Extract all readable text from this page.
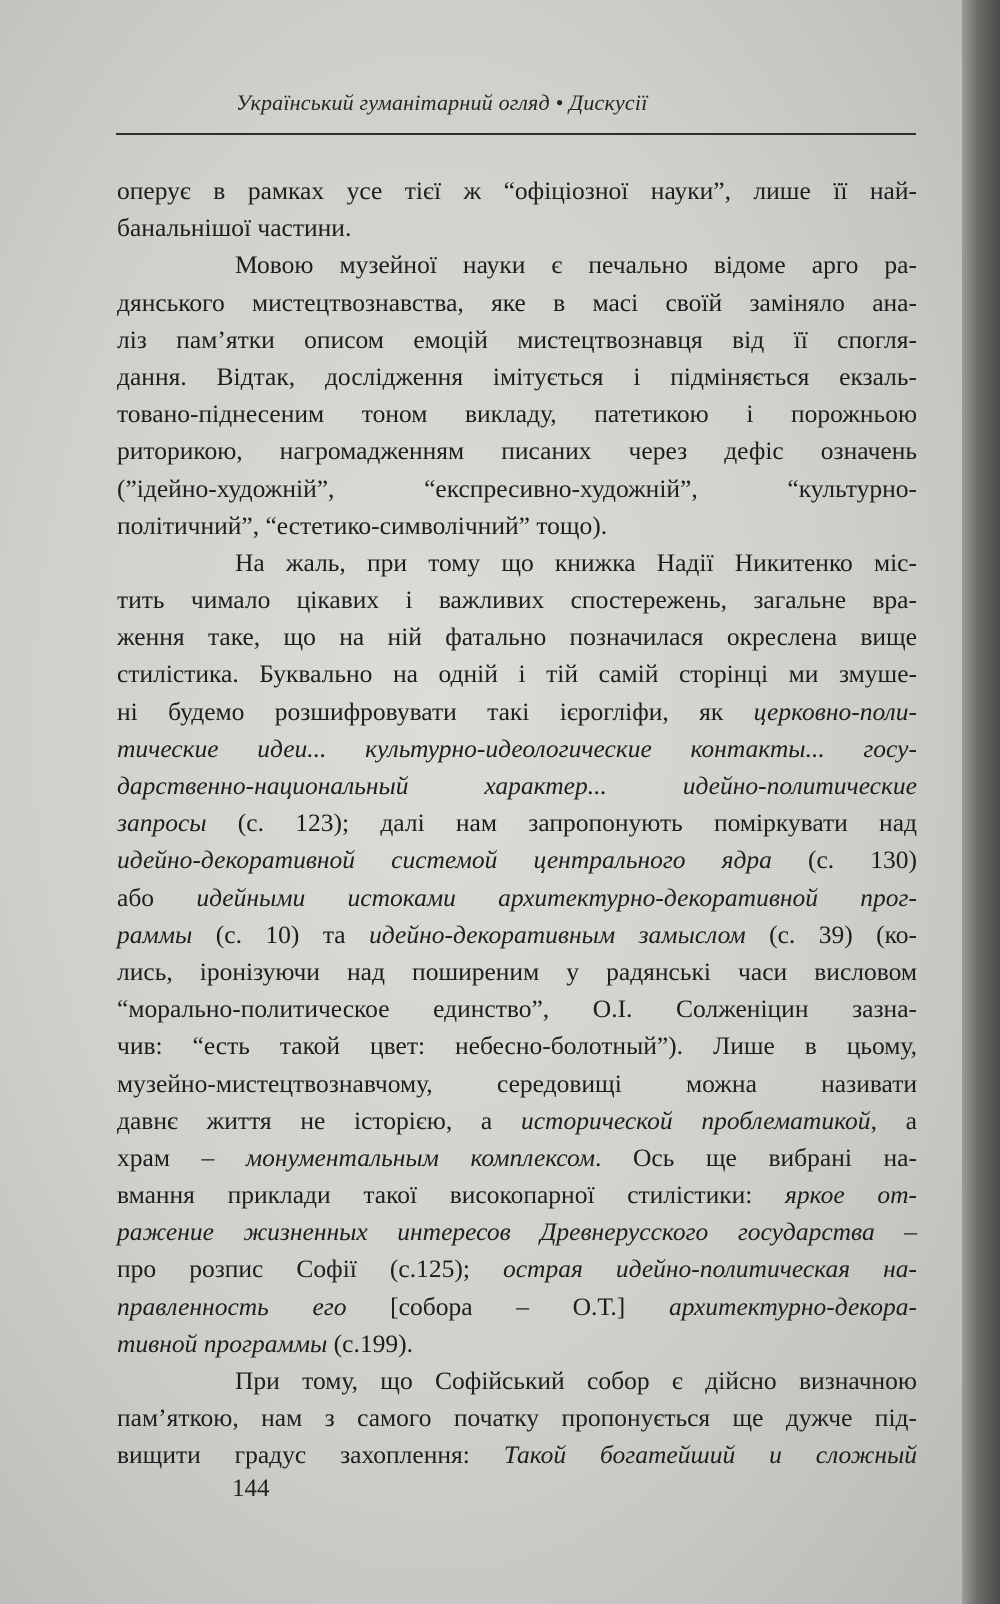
Український гуманітарний огляд • Дискусії
оперує в рамках усе тієї ж “офіціозної науки”, лише її най-
банальнішої частини.
Мовою музейної науки є печально відоме арго ра-
дянського мистецтвознавства, яке в масі своїй заміняло ана-
ліз пам’ятки описом емоцій мистецтвознавця від її спогля-
дання. Відтак, дослідження імітується і підміняється екзаль-
товано-піднесеним тоном викладу, патетикою і порожньою
риторикою, нагромадженням писаних через дефіс означень
(”ідейно-художній”, “експресивно-художній”, “культурно-
політичний”, “естетико-символічний” тощо).
На жаль, при тому що книжка Надії Никитенко міс-
тить чимало цікавих і важливих спостережень, загальне вра-
ження таке, що на ній фатально позначилася окреслена вище
стилістика. Буквально на одній і тій самій сторінці ми змуше-
ні будемо розшифровувати такі ієрогліфи, як церковно-поли-
тические идеи... культурно-идеологические контакты... госу-
дарственно-национальный характер... идейно-политические
запросы (с. 123); далі нам запропонують поміркувати над
идейно-декоративной системой центрального ядра (с. 130)
або идейными истоками архитектурно-декоративной прог-
раммы (с. 10) та идейно-декоративным замыслом (с. 39) (ко-
лись, іронізуючи над поширеним у радянські часи висловом
“морально-политическое единство”, О.І. Солженіцин зазна-
чив: “есть такой цвет: небесно-болотный”). Лише в цьому,
музейно-мистецтвознавчому, середовищі можна називати
давнє життя не історією, а исторической проблематикой, а
храм – монументальным комплексом. Ось ще вибрані на-
вмання приклади такої високопарної стилістики: яркое от-
ражение жизненных интересов Древнерусского государства –
про розпис Софії (с.125); острая идейно-политическая на-
правленность его [собора – О.Т.] архитектурно-декора-
тивной программы (с.199).
При тому, що Софійський собор є дійсно визначною
пам’яткою, нам з самого початку пропонується ще дужче під-
вищити градус захоплення: Такой богатейший и сложный
144
